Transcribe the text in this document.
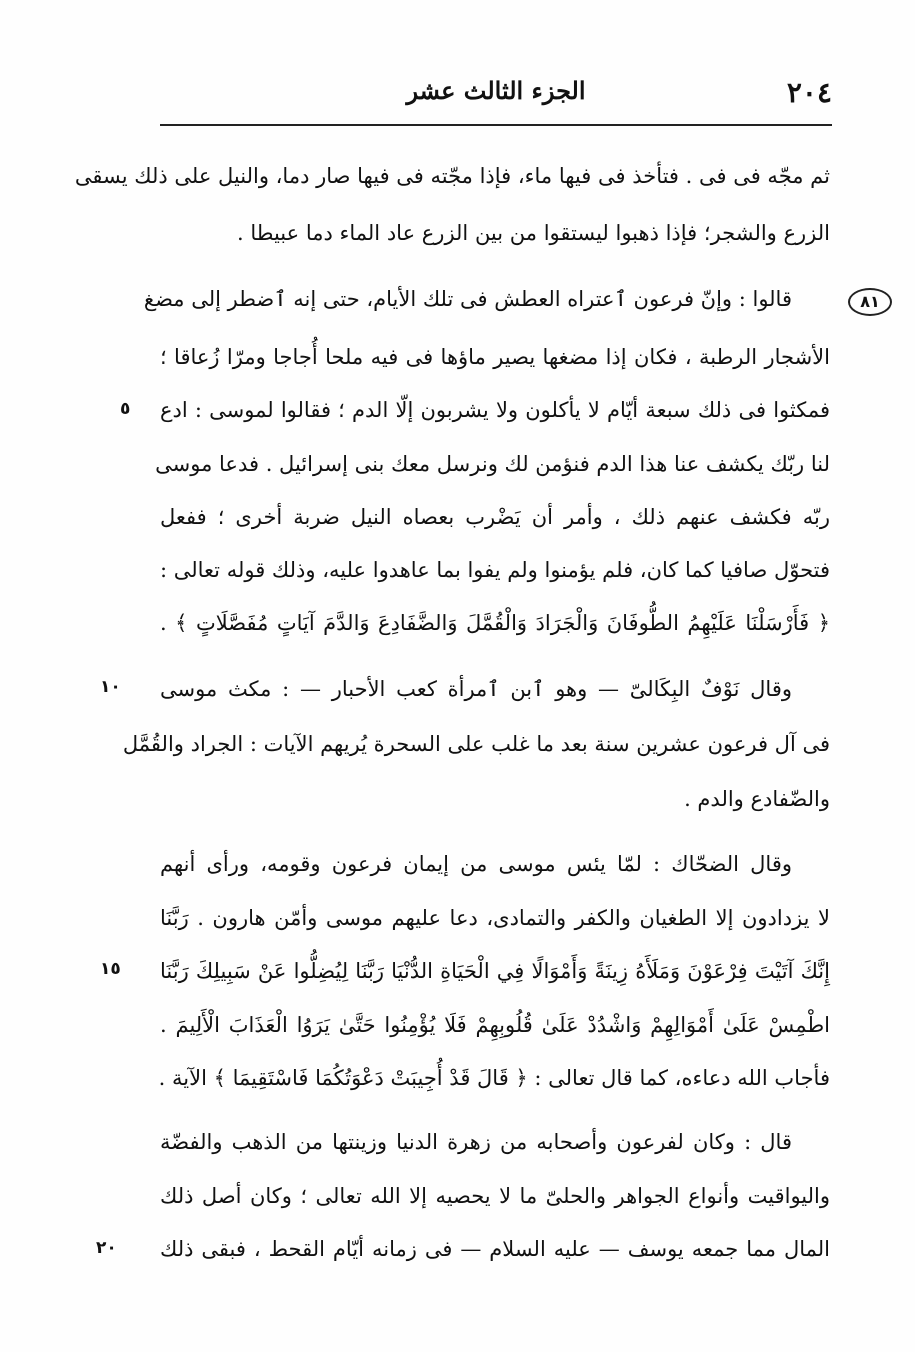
٢٠٤
الجزء الثالث عشر
٨١
ثم مجّه فى فى . فتأخذ فى فيها ماء، فإذا مجّته فى فيها صار دما، والنيل على ذلك يسقى
الزرع والشجر؛ فإذا ذهبوا ليستقوا من بين الزرع عاد الماء دما عبيطا .
قالوا : وإنّ فرعون ٱعتراه العطش فى تلك الأيام، حتى إنه ٱضطر إلى مضغ
الأشجار الرطبة ، فكان إذا مضغها يصير ماؤها فى فيه ملحا أُجاجا ومرّا زُعاقا ؛
فمكثوا فى ذلك سبعة أيّام لا يأكلون ولا يشربون إلّا الدم ؛ فقالوا لموسى : ادع
لنا ربّك يكشف عنا هذا الدم فنؤمن لك ونرسل معك بنى إسرائيل . فدعا موسى
ربّه فكشف عنهم ذلك ، وأمر أن يَضْرب بعصاه النيل ضربة أخرى ؛ ففعل
فتحوّل صافيا كما كان، فلم يؤمنوا ولم يفوا بما عاهدوا عليه، وذلك قوله تعالى :
﴿ فَأَرْسَلْنَا عَلَيْهِمُ الطُّوفَانَ وَالْجَرَادَ وَالْقُمَّلَ وَالضَّفَادِعَ وَالدَّمَ آيَاتٍ مُفَصَّلَاتٍ ﴾ .
وقال نَوْفٌ البِكَالىّ — وهو ٱبن ٱمرأة كعب الأحبار — : مكث موسى
فى آل فرعون عشرين سنة بعد ما غلب على السحرة يُريهم الآيات : الجراد والقُمَّل
والضّفادع والدم .
وقال الضحّاك : لمّا يئس موسى من إيمان فرعون وقومه، ورأى أنهم
لا يزدادون إلا الطغيان والكفر والتمادى، دعا عليهم موسى وأمّن هارون . رَبَّنَا
إِنَّكَ آتَيْتَ فِرْعَوْنَ وَمَلَأَهُ زِينَةً وَأَمْوَالًا فِي الْحَيَاةِ الدُّنْيَا رَبَّنَا لِيُضِلُّوا عَنْ سَبِيلِكَ رَبَّنَا
اطْمِسْ عَلَىٰ أَمْوَالِهِمْ وَاشْدُدْ عَلَىٰ قُلُوبِهِمْ فَلَا يُؤْمِنُوا حَتَّىٰ يَرَوُا الْعَذَابَ الْأَلِيمَ .
فأجاب الله دعاءه، كما قال تعالى : ﴿ قَالَ قَدْ أُجِيبَتْ دَعْوَتُكُمَا فَاسْتَقِيمَا ﴾ الآية .
قال : وكان لفرعون وأصحابه من زهرة الدنيا وزينتها من الذهب والفضّة
واليواقيت وأنواع الجواهر والحلىّ ما لا يحصيه إلا الله تعالى ؛ وكان أصل ذلك
المال مما جمعه يوسف — عليه السلام — فى زمانه أيّام القحط ، فبقى ذلك
٥
١٠
١٥
٢٠
